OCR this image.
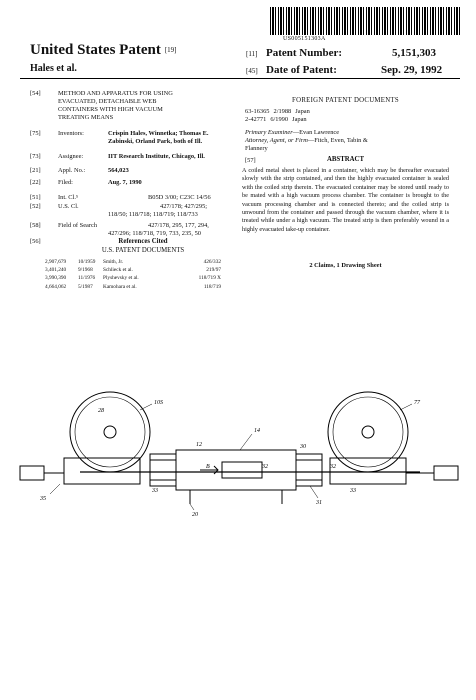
US005151303A
United States Patent [19]
Hales et al.
[11] Patent Number:	5,151,303
[45] Date of Patent:	Sep. 29, 1992
[54]	METHOD AND APPARATUS FOR USING
EVACUATED, DETACHABLE WEB
CONTAINERS WITH HIGH VACUUM
TREATING MEANS
[75]	Inventors:	Crispin Hales, Winnetka; Thomas E.
Zabinski, Orland Park, both of Ill.
[73]	Assignee:	IIT Research Institute, Chicago, Ill.
[21]	Appl. No.:	564,023
[22]	Filed:	Aug. 7, 1990
[51]	Int. Cl.⁵	B05D 3/00; C23C 14/56
[52]	U.S. Cl.	427/178; 427/295;
118/50; 118/718; 118/719; 118/733
[58]	Field of Search	427/178, 295, 177, 294,
427/296; 118/718, 719, 733, 235, 50
[56]	References Cited
U.S. PATENT DOCUMENTS
2,907,679	10/1959	Smith, Jr.	426/332
3,401,240	9/1968	Schlieck et al.	219/97
3,990,390	11/1976	Plyshevsky et al.	118/719 X
4,664,062	5/1987	Kamohara et al.	118/719
FOREIGN PATENT DOCUMENTS
63-16365 2/1988 Japan
2-42771 6/1990 Japan
Primary Examiner—Evan Lawrence
Attorney, Agent, or Firm—Fitch, Even, Tabin &
Flannery
[57]	ABSTRACT
A coiled metal sheet is placed in a container, which may be thereafter evacuated slowly with the strip contained, and then the highly evacuated container is sealed with the coiled strip therein. The evacuated container may be stored until ready to be mated with a high vacuum process chamber. The container is brought to the vacuum processing chamber and is connected thereto; and the coiled strip is unwound from the container and passed through the vacuum chamber, where it is treated while under a high vacuum. The treated strip is then preferably wound in a highly evacuated take-up container.
2 Claims, 1 Drawing Sheet
28
10S
14
77
B	32	32
30
31
33
35
33
20
12
